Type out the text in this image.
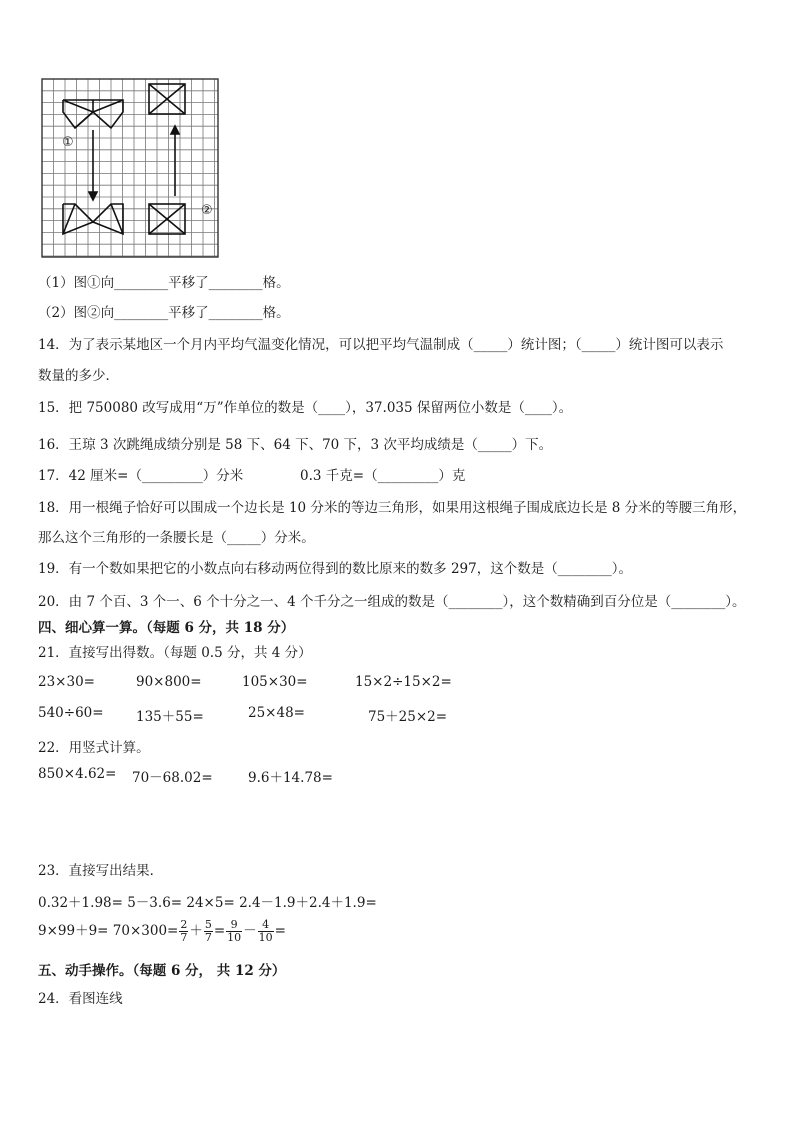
①
②
（1）图①向________平移了________格。
（2）图②向________平移了________格。
14．为了表示某地区一个月内平均气温变化情况，可以把平均气温制成（_____）统计图；（_____）统计图可以表示
数量的多少．
15．把 750080 改写成用“万”作单位的数是（____），37.035 保留两位小数是（____）。
16．王琼 3 次跳绳成绩分别是 58 下、64 下、70 下，3 次平均成绩是（_____）下。
17．42 厘米=（_________）分米	0.3 千克=（_________）克
18．用一根绳子恰好可以围成一个边长是 10 分米的等边三角形，如果用这根绳子围成底边长是 8 分米的等腰三角形，
那么这个三角形的一条腰长是（_____）分米。
19．有一个数如果把它的小数点向右移动两位得到的数比原来的数多 297，这个数是（________）。
20．由 7 个百、3 个一、6 个十分之一、4 个千分之一组成的数是（________），这个数精确到百分位是（________）。
四、细心算一算。（每题 6 分，共 18 分）
21．直接写出得数。（每题 0.5 分，共 4 分）
23×30=	90×800=	105×30=	15×2÷15×2=
540÷60= 135＋55=	25×48=	75＋25×2=
22．用竖式计算。
850×4.62= 70－68.02=	9.6＋14.78=
23．直接写出结果．
0.32＋1.98= 5－3.6= 24×5= 2.4－1.9＋2.4＋1.9=
$9\times 99+9= 70\times 300= \frac{2}{7} + \frac{5}{7} = \frac{9}{10} - \frac{4}{10}$ =
五、动手操作。（每题 6 分， 共 12 分）
24．看图连线
